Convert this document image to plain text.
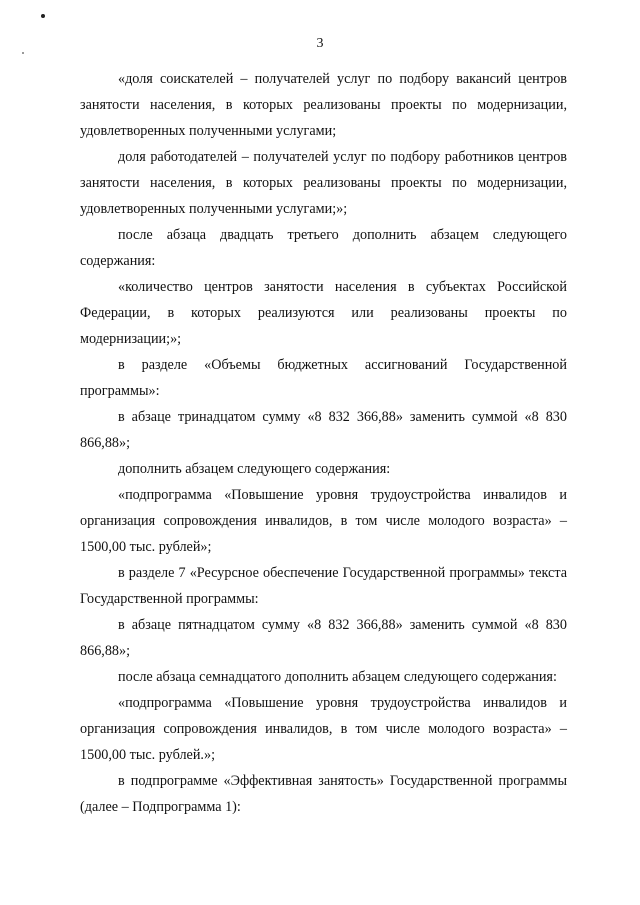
3

«доля соискателей – получателей услуг по подбору вакансий центров занятости населения, в которых реализованы проекты по модернизации, удовлетворенных полученными услугами;

доля работодателей – получателей услуг по подбору работников центров занятости населения, в которых реализованы проекты по модернизации, удовлетворенных полученными услугами;»;

после абзаца двадцать третьего дополнить абзацем следующего содержания:

«количество центров занятости населения в субъектах Российской Федерации, в которых реализуются или реализованы проекты по модернизации;»;

в разделе «Объемы бюджетных ассигнований Государственной программы»:

в абзаце тринадцатом сумму «8 832 366,88» заменить суммой «8 830 866,88»;

дополнить абзацем следующего содержания:

«подпрограмма «Повышение уровня трудоустройства инвалидов и организация сопровождения инвалидов, в том числе молодого возраста» – 1500,00 тыс. рублей»;

в разделе 7 «Ресурсное обеспечение Государственной программы» текста Государственной программы:

в абзаце пятнадцатом сумму «8 832 366,88» заменить суммой «8 830 866,88»;

после абзаца семнадцатого дополнить абзацем следующего содержания:

«подпрограмма «Повышение уровня трудоустройства инвалидов и организация сопровождения инвалидов, в том числе молодого возраста» – 1500,00 тыс. рублей.»;

в подпрограмме «Эффективная занятость» Государственной программы (далее – Подпрограмма 1):
